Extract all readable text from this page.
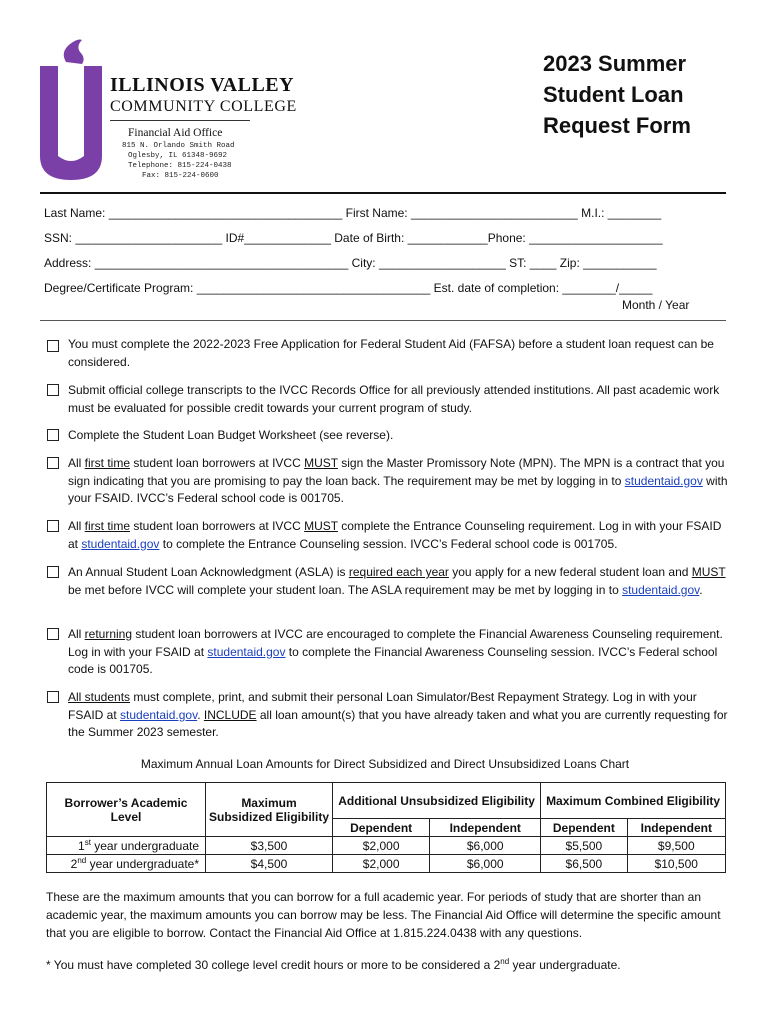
ILLINOIS VALLEY
COMMUNITY COLLEGE
Financial Aid Office
815 N. Orlando Smith Road
Oglesby, IL 61348-9692
Telephone: 815-224-0438
Fax: 815-224-0600
2023 Summer
Student Loan
Request Form
Last Name: ___________________________________ First Name: _________________________ M.I.: ________
SSN: ______________________ ID#_____________ Date of Birth: ____________Phone: ____________________
Address: ______________________________________ City: ___________________ ST: ____ Zip: ___________
Degree/Certificate Program: ___________________________________ Est. date of completion: ________/_____
Month / Year
You must complete the 2022-2023 Free Application for Federal Student Aid (FAFSA) before a student loan request can be considered.
Submit official college transcripts to the IVCC Records Office for all previously attended institutions. All past academic work must be evaluated for possible credit towards your current program of study.
Complete the Student Loan Budget Worksheet (see reverse).
All first time student loan borrowers at IVCC MUST sign the Master Promissory Note (MPN). The MPN is a contract that you sign indicating that you are promising to pay the loan back. The requirement may be met by logging in to studentaid.gov with your FSAID. IVCC’s Federal school code is 001705.
All first time student loan borrowers at IVCC MUST complete the Entrance Counseling requirement. Log in with your FSAID at studentaid.gov to complete the Entrance Counseling session. IVCC’s Federal school code is 001705.
An Annual Student Loan Acknowledgment (ASLA) is required each year you apply for a new federal student loan and MUST be met before IVCC will complete your student loan. The ASLA requirement may be met by logging in to studentaid.gov.
All returning student loan borrowers at IVCC are encouraged to complete the Financial Awareness Counseling requirement. Log in with your FSAID at studentaid.gov to complete the Financial Awareness Counseling session. IVCC’s Federal school code is 001705.
All students must complete, print, and submit their personal Loan Simulator/Best Repayment Strategy. Log in with your FSAID at studentaid.gov. INCLUDE all loan amount(s) that you have already taken and what you are currently requesting for the Summer 2023 semester.
Maximum Annual Loan Amounts for Direct Subsidized and Direct Unsubsidized Loans Chart
Borrower’s Academic Level	Maximum Subsidized Eligibility	Additional Unsubsidized Eligibility		Maximum Combined Eligibility	
		Dependent	Independent	Dependent	Independent
1st year undergraduate	$3,500	$2,000	$6,000	$5,500	$9,500
2nd year undergraduate*	$4,500	$2,000	$6,000	$6,500	$10,500
These are the maximum amounts that you can borrow for a full academic year. For periods of study that are shorter than an academic year, the maximum amounts you can borrow may be less. The Financial Aid Office will determine the specific amount that you are eligible to borrow. Contact the Financial Aid Office at 1.815.224.0438 with any questions.
* You must have completed 30 college level credit hours or more to be considered a 2nd year undergraduate.
